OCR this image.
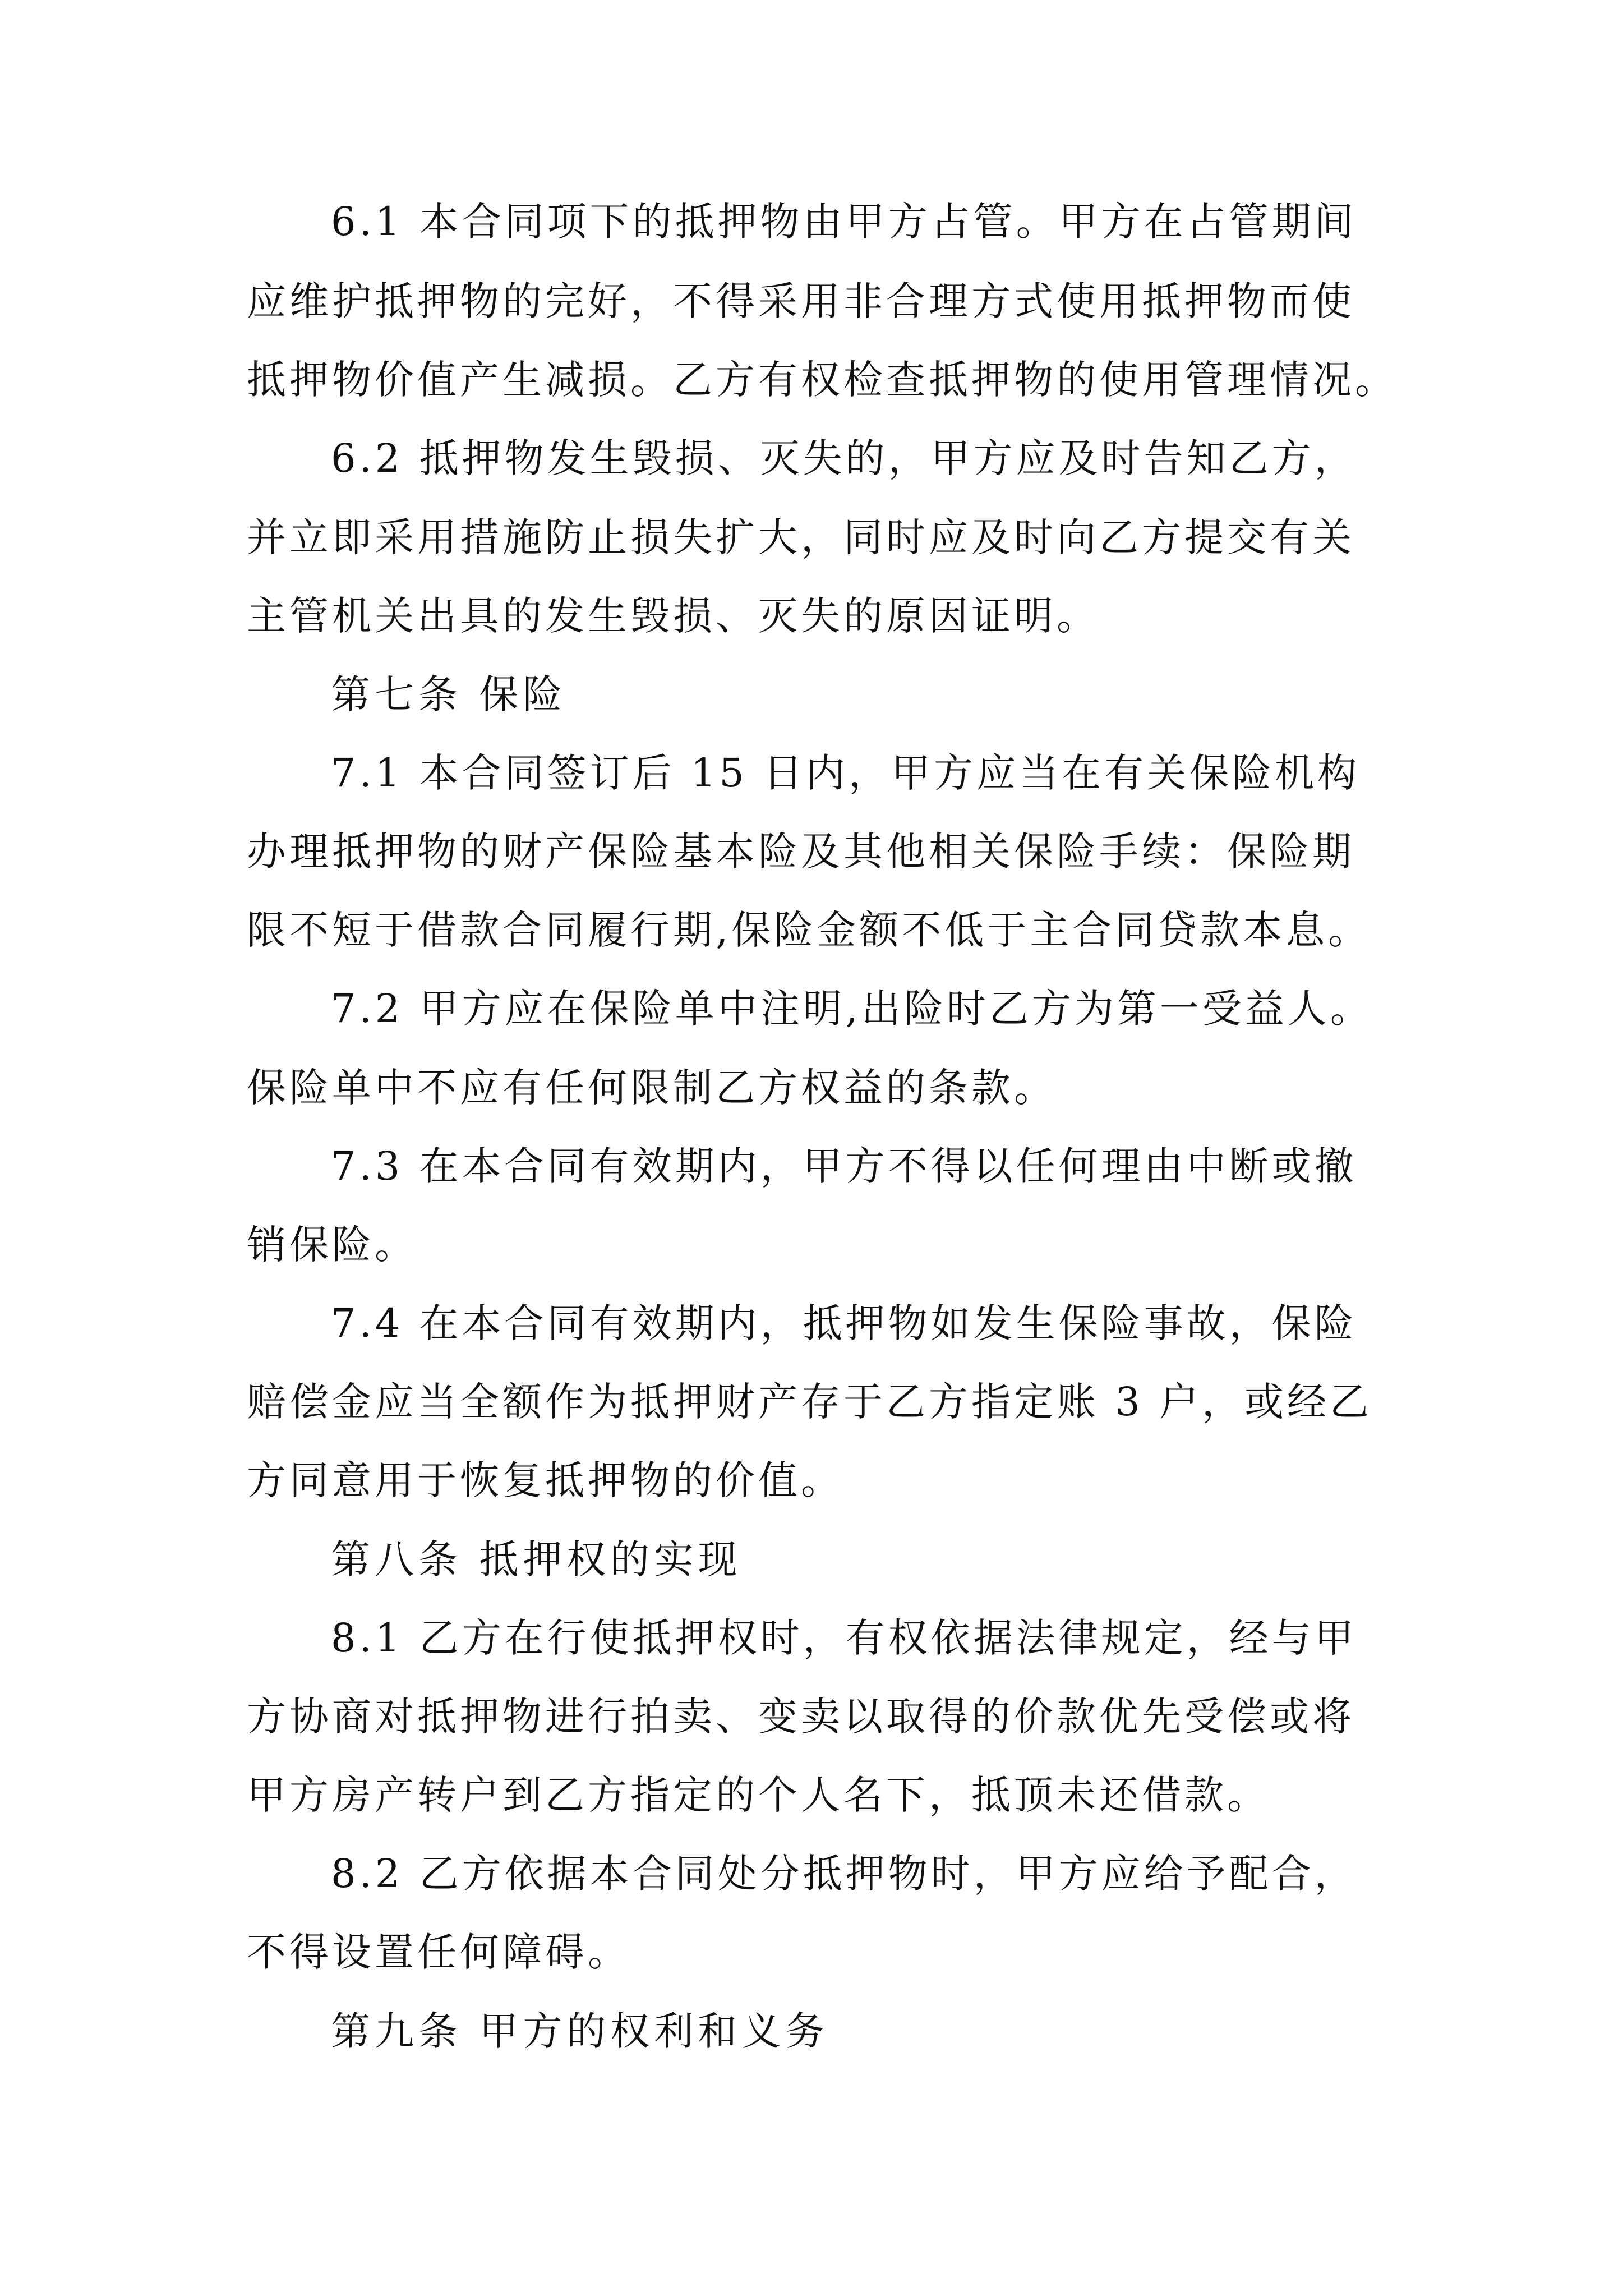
6.1 本合同项下的抵押物由甲方占管。甲方在占管期间
应维护抵押物的完好，不得采用非合理方式使用抵押物而使
抵押物价值产生减损。乙方有权检查抵押物的使用管理情况。
6.2 抵押物发生毁损、灭失的，甲方应及时告知乙方，
并立即采用措施防止损失扩大，同时应及时向乙方提交有关
主管机关出具的发生毁损、灭失的原因证明。
第七条 保险
7.1 本合同签订后 15 日内，甲方应当在有关保险机构
办理抵押物的财产保险基本险及其他相关保险手续：保险期
限不短于借款合同履行期,保险金额不低于主合同贷款本息。
7.2 甲方应在保险单中注明,出险时乙方为第一受益人。
保险单中不应有任何限制乙方权益的条款。
7.3 在本合同有效期内，甲方不得以任何理由中断或撤
销保险。
7.4 在本合同有效期内，抵押物如发生保险事故，保险
赔偿金应当全额作为抵押财产存于乙方指定账 3 户，或经乙
方同意用于恢复抵押物的价值。
第八条 抵押权的实现
8.1 乙方在行使抵押权时，有权依据法律规定，经与甲
方协商对抵押物进行拍卖、变卖以取得的价款优先受偿或将
甲方房产转户到乙方指定的个人名下，抵顶未还借款。
8.2 乙方依据本合同处分抵押物时，甲方应给予配合，
不得设置任何障碍。
第九条 甲方的权利和义务
